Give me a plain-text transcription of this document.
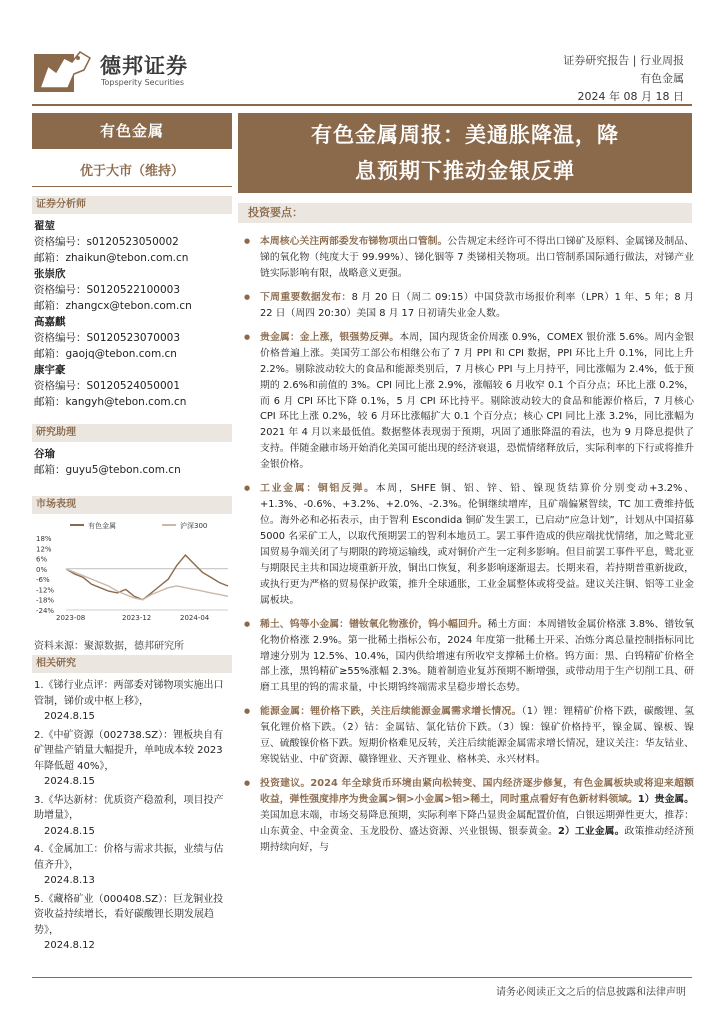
德邦证券
Topsperity Securities
证券研究报告 | 行业周报
有色金属
2024 年 08 月 18 日
有色金属
优于大市（维持）
证券分析师
翟堃
资格编号：s0120523050002
邮箱：zhaikun@tebon.com.cn
张崇欣
资格编号：S0120522100003
邮箱：zhangcx@tebon.com.cn
高嘉麒
资格编号：S0120523070003
邮箱：gaojq@tebon.com.cn
康宇豪
资格编号：S0120524050001
邮箱：kangyh@tebon.com.cn
研究助理
谷瑜
邮箱：guyu5@tebon.com.cn
市场表现
有色金属	沪深300
18%
12%
6%
0%
-6%
-12%
-18%
-24%
2023-08	2023-12	2024-04
资料来源：聚源数据，德邦研究所
相关研究
1.《锑行业点评：两部委对锑物项实施出口管制，锑价或中枢上移》，
2024.8.15
2.《中矿资源（002738.SZ）：锂板块自有矿锂盐产销量大幅提升，单吨成本较 2023 年降低超 40%》，
2024.8.15
3.《华达新材：优质资产稳盈利，项目投产助增量》，
2024.8.15
4.《金属加工：价格与需求共振，业绩与估值齐升》，
2024.8.13
5.《藏格矿业（000408.SZ）：巨龙铜业投资收益持续增长，看好碳酸锂长期发展趋势》，
2024.8.12
有色金属周报：美通胀降温，降
息预期下推动金银反弹
投资要点：
● 本周核心关注两部委发布锑物项出口管制。公告规定未经许可不得出口锑矿及原料、金属锑及制品、锑的氧化物（纯度大于 99.99%）、锑化铟等 7 类锑相关物项。出口管制系国际通行做法，对锑产业链实际影响有限，战略意义更强。
● 下周重要数据发布：8 月 20 日（周二 09:15）中国贷款市场报价利率（LPR）1 年、5 年；8 月 22 日（周四 20:30）美国 8 月 17 日初请失业金人数。
● 贵金属：金上涨，银强势反弹。本周，国内现货金价周涨 0.9%，COMEX 银价涨 5.6%。周内金银价格普遍上涨。美国劳工部公布相继公布了 7 月 PPI 和 CPI 数据，PPI 环比上升 0.1%，同比上升 2.2%。剔除波动较大的食品和能源类别后，7 月核心 PPI 与上月持平，同比涨幅为 2.4%，低于预期的 2.6%和前值的 3%。CPI 同比上涨 2.9%，涨幅较 6 月收窄 0.1 个百分点；环比上涨 0.2%，而 6 月 CPI 环比下降 0.1%，5 月 CPI 环比持平。剔除波动较大的食品和能源价格后，7 月核心 CPI 环比上涨 0.2%，较 6 月环比涨幅扩大 0.1 个百分点；核心 CPI 同比上涨 3.2%，同比涨幅为 2021 年 4 月以来最低值。数据整体表现弱于预期，巩固了通胀降温的看法，也为 9 月降息提供了支持。伴随金融市场开始消化美国可能出现的经济衰退，恐慌情绪释放后，实际利率的下行或将推升金银价格。
● 工业金属：铜铝反弹。本周，SHFE 铜、铝、锌、铅、镍现货结算价分别变动+3.2%、+1.3%、-0.6%、+3.2%、+2.0%、-2.3%。伦铜继续增库，且矿端偏紧智续，TC 加工费维持低位。海外必和必拓表示，由于智利 Escondida 铜矿发生罢工，已启动“应急计划”，计划从中国招募 5000 名采矿工人，以取代预期罢工的智利本地员工。罢工事件造成的供应端扰忧情绪，加之鹫北亚国贸易争端关闭了与期限的跨境运输线，或对铜价产生一定利多影响。但目前罢工事件平息，鹫北亚与期限民主共和国边境重新开放，铜出口恢复，利多影响逐渐退去。长期来看，若持期普重新拢政，或执行更为严格的贸易保护政策，推升全球通胀，工业金属整体或将受益。建议关注铜、铝等工业金属板块。
● 稀土、钨等小金属：镨钕氧化物涨价，钨小幅回升。稀土方面：本周镨钕金属价格涨 3.8%、镨钕氧化物价格涨 2.9%。第一批稀土指标公布，2024 年度第一批稀土开采、冶炼分离总量控制指标同比增速分别为 12.5%、10.4%，国内供给增速有所收窄支撑稀土价格。钨方面：黑、白钨精矿价格全部上涨，黑钨精矿≥55%涨幅 2.3%。随着制造业复苏预期不断增强，或带动用于生产切削工具、研磨工具里的钨的需求量，中长期钨终端需求呈稳步增长态势。
● 能源金属：锂价格下跌，关注后续能源金属需求增长情况。（1）锂：锂精矿价格下跌，碳酸锂、氢氧化锂价格下跌。（2）钴：金属钴、氯化钴价下跌。（3）镍：镍矿价格持平，镍金属、镍板、镍豆、硫酸镍价格下跌。短期价格难见反转，关注后续能源金属需求增长情况，建议关注：华友钴业、寒锐钴业、中矿资源、赣锋锂业、天齐锂业、格林美、永兴材料。
● 投资建议。2024 年全球货币环境由紧向松转变、国内经济逐步修复，有色金属板块或将迎来超额收益，弹性强度排序为贵金属>铜>小金属>铝>稀土，同时重点看好有色新材料领域。1）贵金属。美国加息末端，市场交易降息预期，实际利率下降凸显贵金属配置价值，白银远期弹性更大，推荐：山东黄金、中金黄金、玉龙股份、盛达资源、兴业银锡、银泰黄金。2）工业金属。政策推动经济预期持续向好，与
请务必阅读正文之后的信息披露和法律声明
